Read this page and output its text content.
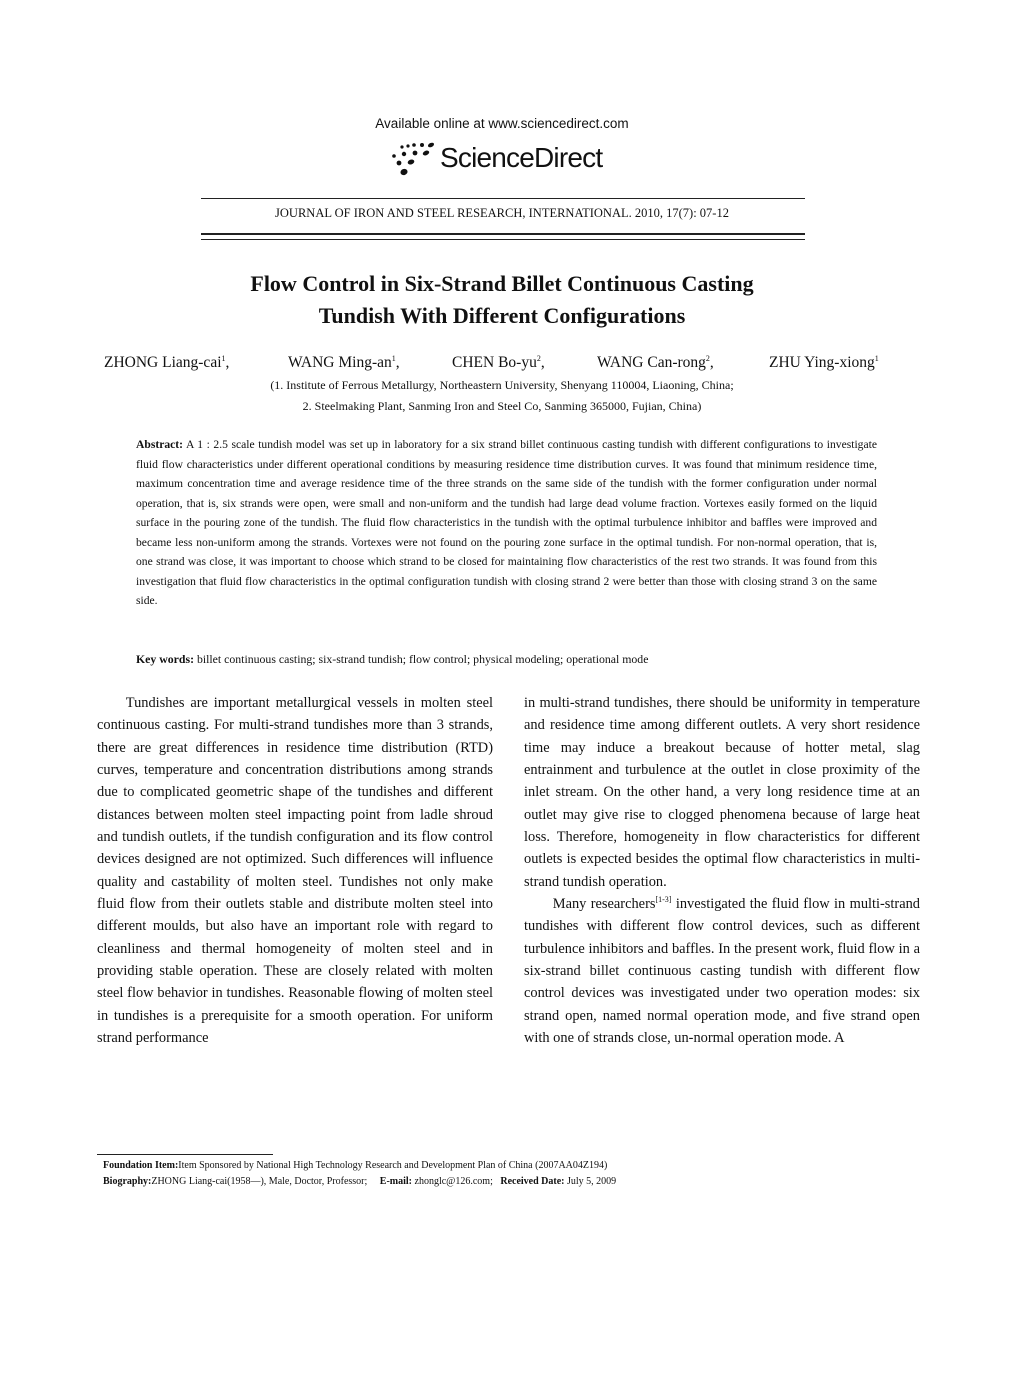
Available online at www.sciencedirect.com
ScienceDirect
JOURNAL OF IRON AND STEEL RESEARCH, INTERNATIONAL. 2010, 17(7): 07-12
Flow Control in Six-Strand Billet Continuous Casting
Tundish With Different Configurations
ZHONG Liang-cai$^1$,	WANG Ming-$an^1$,	CHEN $Bo-yu^2$,	WANG Can-rong$^2$,	ZHU Ying-xiong$^1$
(1. Institute of Ferrous Metallurgy, Northeastern University, Shenyang 110004, Liaoning, China;
2. Steelmaking Plant, Sanming Iron and Steel Co, Sanming 365000, Fujian, China)
Abstract: A 1 : 2.5 scale tundish model was set up in laboratory for a six strand billet continuous casting tundish with different configurations to investigate fluid flow characteristics under different operational conditions by measuring residence time distribution curves. It was found that minimum residence time, maximum concentration time and average residence time of the three strands on the same side of the tundish with the former configuration under normal operation, that is, six strands were open, were small and non-uniform and the tundish had large dead volume fraction. Vortexes easily formed on the liquid surface in the pouring zone of the tundish. The fluid flow characteristics in the tundish with the optimal turbulence inhibitor and baffles were improved and became less non-uniform among the strands. Vortexes were not found on the pouring zone surface in the optimal tundish. For non-normal operation, that is, one strand was close, it was important to choose which strand to be closed for maintaining flow characteristics of the rest two strands. It was found from this investigation that fluid flow characteristics in the optimal configuration tundish with closing strand 2 were better than those with closing strand 3 on the same side.
Key words: billet continuous casting; six-strand tundish; flow control; physical modeling; operational mode

Tundishes are important metallurgical vessels in molten steel continuous casting. For multi-strand tundishes more than 3 strands, there are great differences in residence time distribution (RTD) curves, temperature and concentration distributions among strands due to complicated geometric shape of the tundishes and different distances between molten steel impacting point from ladle shroud and tundish outlets, if the tundish configuration and its flow control devices designed are not optimized. Such differences will influence quality and castability of molten steel. Tundishes not only make fluid flow from their outlets stable and distribute molten steel into different moulds, but also have an important role with regard to cleanliness and thermal homogeneity of molten steel and in providing stable operation. These are closely related with molten steel flow behavior in tundishes. Reasonable flowing of molten steel in tundishes is a prerequisite for a smooth operation. For uniform strand performance

in multi-strand tundishes, there should be uniformity in temperature and residence time among different outlets. A very short residence time may induce a breakout because of hotter metal, slag entrainment and turbulence at the outlet in close proximity of the inlet stream. On the other hand, a very long residence time at an outlet may give rise to clogged phenomena because of large heat loss. Therefore, homogeneity in flow characteristics for different outlets is expected besides the optimal flow characteristics in multi-strand tundish operation.

Many researchers[1-3] investigated the fluid flow in multi-strand tundishes with different flow control devices, such as different turbulence inhibitors and baffles. In the present work, fluid flow in a six-strand billet continuous casting tundish with different flow control devices was investigated under two operation modes: six strand open, named normal operation mode, and five strand open with one of strands close, un-normal operation mode. A

Foundation Item:Item Sponsored by National High Technology Research and Development Plan of China (2007AA04Z194)
Biography:ZHONG Liang-cai(1958—), Male, Doctor, Professor; E-mail: zhonglc@126.com; Received Date: July 5, 2009
